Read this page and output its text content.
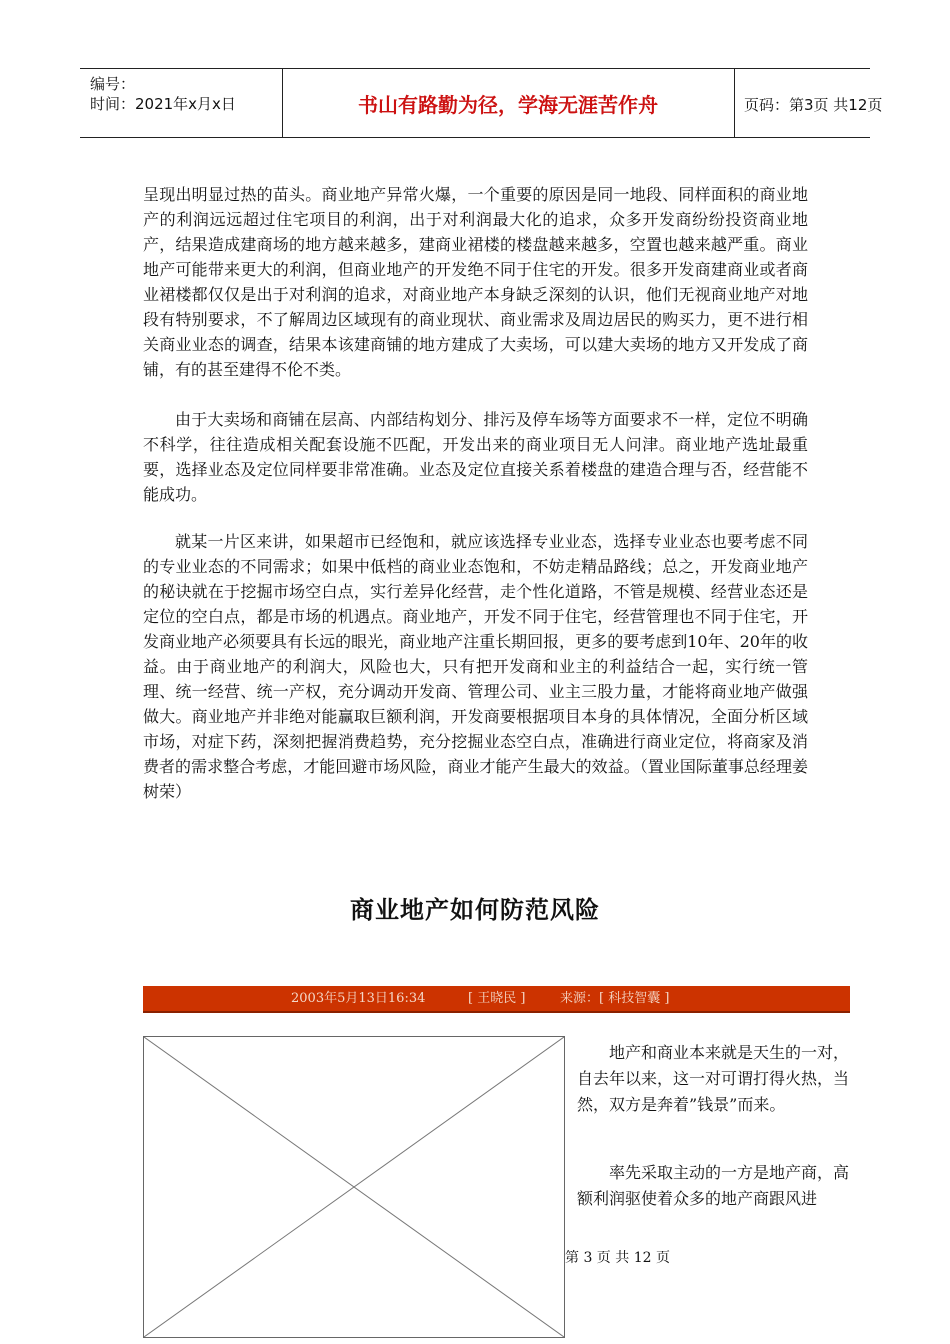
编号：
时间：2021年x月x日	书山有路勤为径，学海无涯苦作舟	页码：第3页 共12页

呈现出明显过热的苗头。商业地产异常火爆，一个重要的原因是同一地段、同样面积的商业地产的利润远远超过住宅项目的利润，出于对利润最大化的追求，众多开发商纷纷投资商业地产，结果造成建商场的地方越来越多，建商业裙楼的楼盘越来越多，空置也越来越严重。商业地产可能带来更大的利润，但商业地产的开发绝不同于住宅的开发。很多开发商建商业或者商业裙楼都仅仅是出于对利润的追求，对商业地产本身缺乏深刻的认识，他们无视商业地产对地段有特别要求，不了解周边区域现有的商业现状、商业需求及周边居民的购买力，更不进行相关商业业态的调查，结果本该建商铺的地方建成了大卖场，可以建大卖场的地方又开发成了商铺，有的甚至建得不伦不类。

由于大卖场和商铺在层高、内部结构划分、排污及停车场等方面要求不一样，定位不明确不科学，往往造成相关配套设施不匹配，开发出来的商业项目无人问津。商业地产选址最重要，选择业态及定位同样要非常准确。业态及定位直接关系着楼盘的建造合理与否，经营能不能成功。

就某一片区来讲，如果超市已经饱和，就应该选择专业业态，选择专业业态也要考虑不同的专业业态的不同需求；如果中低档的商业业态饱和，不妨走精品路线；总之，开发商业地产的秘诀就在于挖掘市场空白点，实行差异化经营，走个性化道路，不管是规模、经营业态还是定位的空白点，都是市场的机遇点。商业地产，开发不同于住宅，经营管理也不同于住宅，开发商业地产必须要具有长远的眼光，商业地产注重长期回报，更多的要考虑到10年、20年的收益。由于商业地产的利润大，风险也大，只有把开发商和业主的利益结合一起，实行统一管理、统一经营、统一产权，充分调动开发商、管理公司、业主三股力量，才能将商业地产做强做大。商业地产并非绝对能赢取巨额利润，开发商要根据项目本身的具体情况，全面分析区域市场，对症下药，深刻把握消费趋势，充分挖掘业态空白点，准确进行商业定位，将商家及消费者的需求整合考虑，才能回避市场风险，商业才能产生最大的效益。（置业国际董事总经理姜树荣）

商业地产如何防范风险
2003年5月13日16:34	[ 王晓民 ]	来源：[ 科技智囊 ]

地产和商业本来就是天生的一对，自去年以来，这一对可谓打得火热，当然，双方是奔着”钱景”而来。

率先采取主动的一方是地产商，高额利润驱使着众多的地产商跟风进

第 3 页 共 12 页
